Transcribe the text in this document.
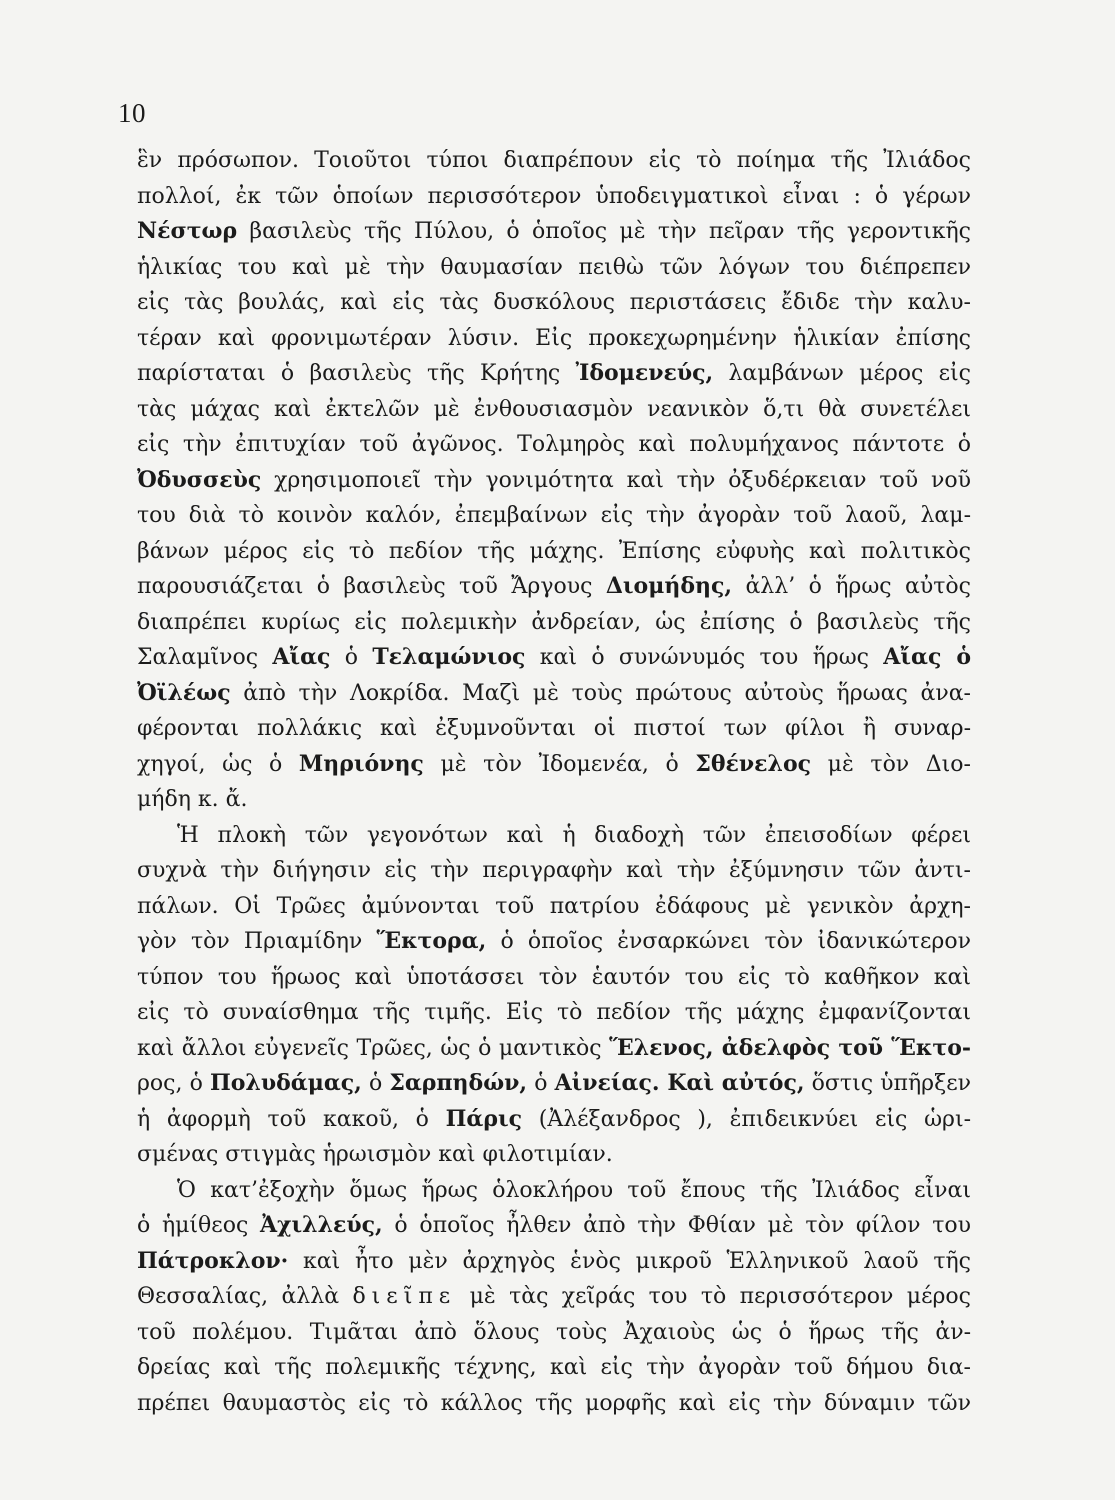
10
ἓν πρόσωπον. Τοιοῦτοι τύποι διαπρέπουν εἰς τὸ ποίημα τῆς Ἰλιάδος
πολλοί, ἐκ τῶν ὁποίων περισσότερον ὑποδειγματικοὶ εἶναι : ὁ γέρων
Νέστωρ βασιλεὺς τῆς Πύλου, ὁ ὁποῖος μὲ τὴν πεῖραν τῆς γεροντικῆς
ἡλικίας του καὶ μὲ τὴν θαυμασίαν πειθὼ τῶν λόγων του διέπρεπεν
εἰς τὰς βουλάς, καὶ εἰς τὰς δυσκόλους περιστάσεις ἔδιδε τὴν καλυ-
τέραν καὶ φρονιμωτέραν λύσιν. Εἰς προκεχωρημένην ἡλικίαν ἐπίσης
παρίσταται ὁ βασιλεὺς τῆς Κρήτης Ἰδομενεύς, λαμβάνων μέρος εἰς
τὰς μάχας καὶ ἐκτελῶν μὲ ἐνθουσιασμὸν νεανικὸν ὅ,τι θὰ συνετέλει
εἰς τὴν ἐπιτυχίαν τοῦ ἀγῶνος. Τολμηρὸς καὶ πολυμήχανος πάντοτε ὁ
Ὀδυσσεὺς χρησιμοποιεῖ τὴν γονιμότητα καὶ τὴν ὀξυδέρκειαν τοῦ νοῦ
του διὰ τὸ κοινὸν καλόν, ἐπεμβαίνων εἰς τὴν ἀγορὰν τοῦ λαοῦ, λαμ-
βάνων μέρος εἰς τὸ πεδίον τῆς μάχης. Ἐπίσης εὐφυὴς καὶ πολιτικὸς
παρουσιάζεται ὁ βασιλεὺς τοῦ Ἄργους Διομήδης, ἀλλ’ ὁ ἥρως αὐτὸς
διαπρέπει κυρίως εἰς πολεμικὴν ἀνδρείαν, ὡς ἐπίσης ὁ βασιλεὺς τῆς
Σαλαμῖνος Αἴας ὁ Τελαμώνιος καὶ ὁ συνώνυμός του ἥρως Αἴας ὁ
Ὀϊλέως ἀπὸ τὴν Λοκρίδα. Μαζὶ μὲ τοὺς πρώτους αὐτοὺς ἥρωας ἀνα-
φέρονται πολλάκις καὶ ἐξυμνοῦνται οἱ πιστοί των φίλοι ἢ συναρ-
χηγοί, ὡς ὁ Μηριόνης μὲ τὸν Ἰδομενέα, ὁ Σθένελος μὲ τὸν Διο-
μήδη κ. ἄ.
Ἡ πλοκὴ τῶν γεγονότων καὶ ἡ διαδοχὴ τῶν ἐπεισοδίων φέρει
συχνὰ τὴν διήγησιν εἰς τὴν περιγραφὴν καὶ τὴν ἐξύμνησιν τῶν ἀντι-
πάλων. Οἱ Τρῶες ἀμύνονται τοῦ πατρίου ἐδάφους μὲ γενικὸν ἀρχη-
γὸν τὸν Πριαμίδην Ἕκτορα, ὁ ὁποῖος ἐνσαρκώνει τὸν ἰδανικώτερον
τύπον του ἥρωος καὶ ὑποτάσσει τὸν ἑαυτόν του εἰς τὸ καθῆκον καὶ
εἰς τὸ συναίσθημα τῆς τιμῆς. Εἰς τὸ πεδίον τῆς μάχης ἐμφανίζονται
καὶ ἄλλοι εὐγενεῖς Τρῶες, ὡς ὁ μαντικὸς Ἕλενος, ἀδελφὸς τοῦ Ἕκτο-
ρος, ὁ Πολυδάμας, ὁ Σαρπηδών, ὁ Αἰνείας. Καὶ αὐτός, ὅστις ὑπῆρξεν
ἡ ἀφορμὴ τοῦ κακοῦ, ὁ Πάρις (Ἀλέξανδρος ), ἐπιδεικνύει εἰς ὡρι-
σμένας στιγμὰς ἡρωισμὸν καὶ φιλοτιμίαν.
Ὁ κατ’ἐξοχὴν ὅμως ἥρως ὁλοκλήρου τοῦ ἔπους τῆς Ἰλιάδος εἶναι
ὁ ἡμίθεος Ἀχιλλεύς, ὁ ὁποῖος ἦλθεν ἀπὸ τὴν Φθίαν μὲ τὸν φίλον του
Πάτροκλον· καὶ ἦτο μὲν ἀρχηγὸς ἑνὸς μικροῦ Ἑλληνικοῦ λαοῦ τῆς
Θεσσαλίας, ἀλλὰ διεῖπε μὲ τὰς χεῖράς του τὸ περισσότερον μέρος
τοῦ πολέμου. Τιμᾶται ἀπὸ ὅλους τοὺς Ἀχαιοὺς ὡς ὁ ἥρως τῆς ἀν-
δρείας καὶ τῆς πολεμικῆς τέχνης, καὶ εἰς τὴν ἀγορὰν τοῦ δήμου δια-
πρέπει θαυμαστὸς εἰς τὸ κάλλος τῆς μορφῆς καὶ εἰς τὴν δύναμιν τῶν
